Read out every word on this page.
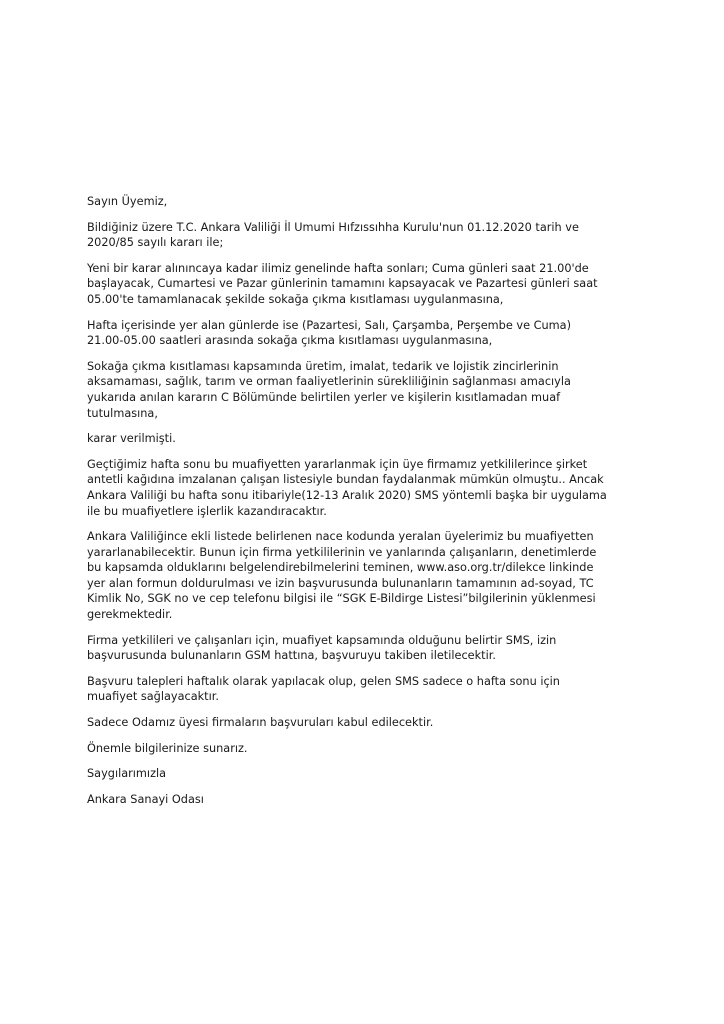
Sayın Üyemiz,

Bildiğiniz üzere T.C. Ankara Valiliği İl Umumi Hıfzıssıhha Kurulu'nun 01.12.2020 tarih ve
2020/85 sayılı kararı ile;

Yeni bir karar alınıncaya kadar ilimiz genelinde hafta sonları; Cuma günleri saat 21.00'de
başlayacak, Cumartesi ve Pazar günlerinin tamamını kapsayacak ve Pazartesi günleri saat
05.00'te tamamlanacak şekilde sokağa çıkma kısıtlaması uygulanmasına,

Hafta içerisinde yer alan günlerde ise (Pazartesi, Salı, Çarşamba, Perşembe ve Cuma)
21.00-05.00 saatleri arasında sokağa çıkma kısıtlaması uygulanmasına,

Sokağa çıkma kısıtlaması kapsamında üretim, imalat, tedarik ve lojistik zincirlerinin
aksamaması, sağlık, tarım ve orman faaliyetlerinin sürekliliğinin sağlanması amacıyla
yukarıda anılan kararın C Bölümünde belirtilen yerler ve kişilerin kısıtlamadan muaf
tutulmasına,

karar verilmişti.

Geçtiğimiz hafta sonu bu muafiyetten yararlanmak için üye firmamız yetkililerince şirket
antetli kağıdına imzalanan çalışan listesiyle bundan faydalanmak mümkün olmuştu.. Ancak
Ankara Valiliği bu hafta sonu itibariyle(12-13 Aralık 2020) SMS yöntemli başka bir uygulama
ile bu muafiyetlere işlerlik kazandıracaktır.

Ankara Valiliğince ekli listede belirlenen nace kodunda yeralan üyelerimiz bu muafiyetten
yararlanabilecektir. Bunun için firma yetkililerinin ve yanlarında çalışanların, denetimlerde
bu kapsamda olduklarını belgelendirebilmelerini teminen, www.aso.org.tr/dilekce linkinde
yer alan formun doldurulması ve izin başvurusunda bulunanların tamamının ad-soyad, TC
Kimlik No, SGK no ve cep telefonu bilgisi ile “SGK E-Bildirge Listesi”bilgilerinin yüklenmesi
gerekmektedir.

Firma yetkilileri ve çalışanları için, muafiyet kapsamında olduğunu belirtir SMS, izin
başvurusunda bulunanların GSM hattına, başvuruyu takiben iletilecektir.

Başvuru talepleri haftalık olarak yapılacak olup, gelen SMS sadece o hafta sonu için
muafiyet sağlayacaktır.

Sadece Odamız üyesi firmaların başvuruları kabul edilecektir.

Önemle bilgilerinize sunarız.

Saygılarımızla

Ankara Sanayi Odası
